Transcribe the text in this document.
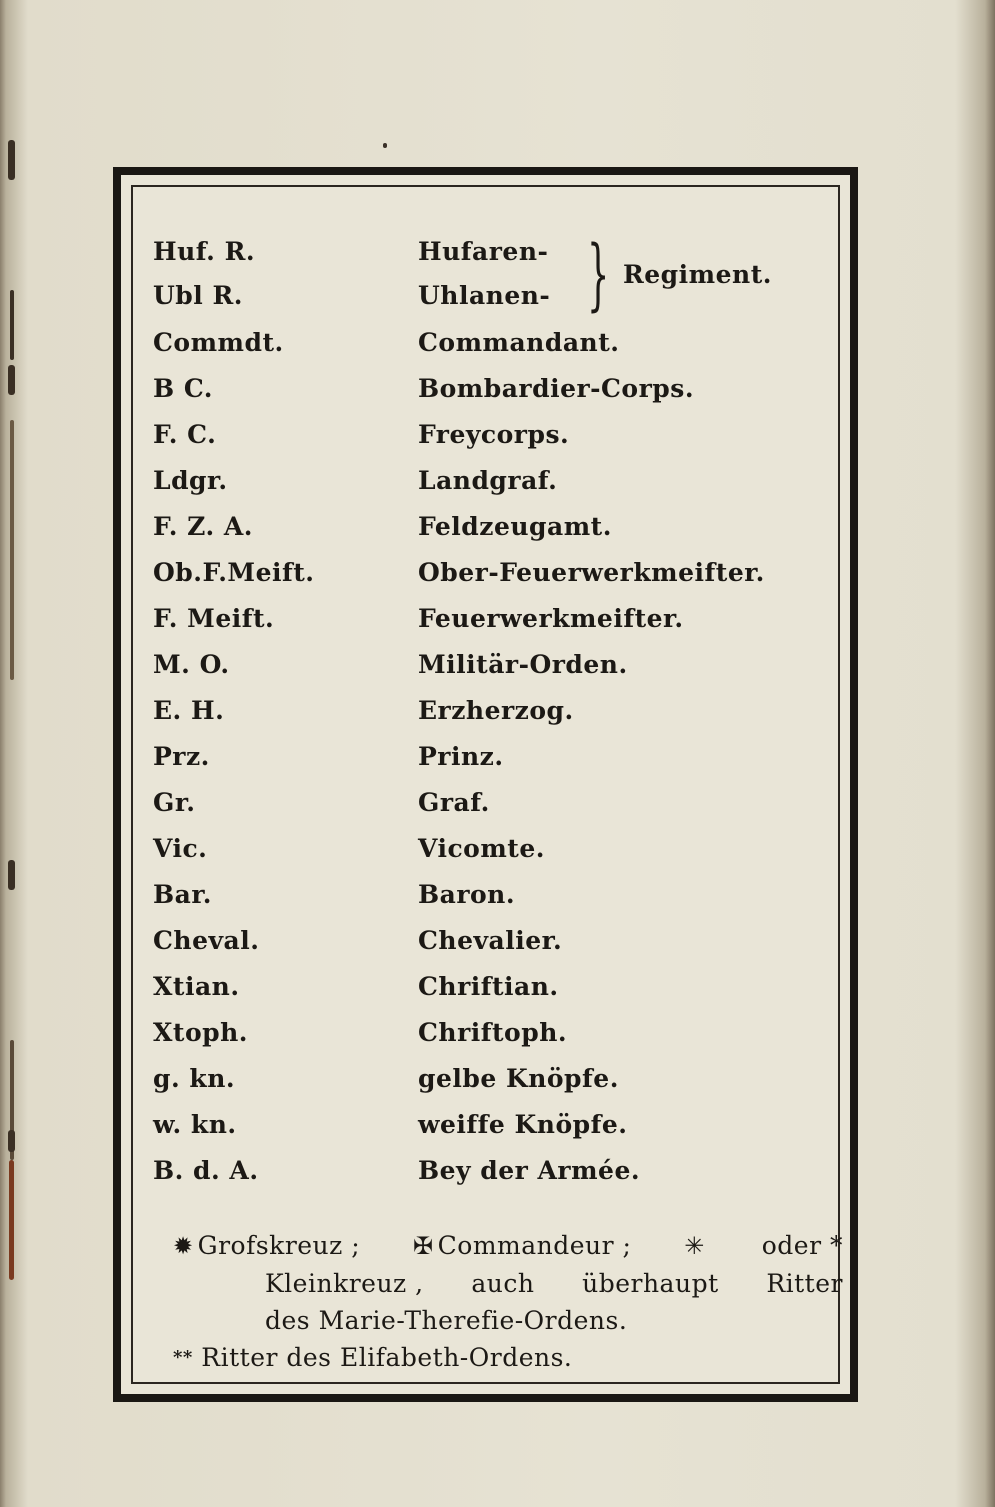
Huf. R.	Hufaren-
Ubl R.	Uhlanen- } Regiment.
Commdt.	Commandant.
B C.	Bombardier-Corps.
F. C.	Freycorps.
Ldgr.	Landgraf.
F. Z. A.	Feldzeugamt.
Ob.F.Meift.	Ober-Feuerwerkmeifter.
F. Meift.	Feuerwerkmeifter.
M. O.	Militär-Orden.
E. H.	Erzherzog.
Prz.	Prinz.
Gr.	Graf.
Vic.	Vicomte.
Bar.	Baron.
Cheval.	Chevalier.
Xtian.	Chriftian.
Xtoph.	Chriftoph.
g. kn.	gelbe Knöpfe.
w. kn.	weiffe Knöpfe.
B. d. A.	Bey der Armée.
✹ Grofskreuz ; ✠ Commandeur ; ✳ oder *
Kleinkreuz , auch überhaupt Ritter
des Marie-Therefie-Ordens.
** Ritter des Elifabeth-Ordens.
